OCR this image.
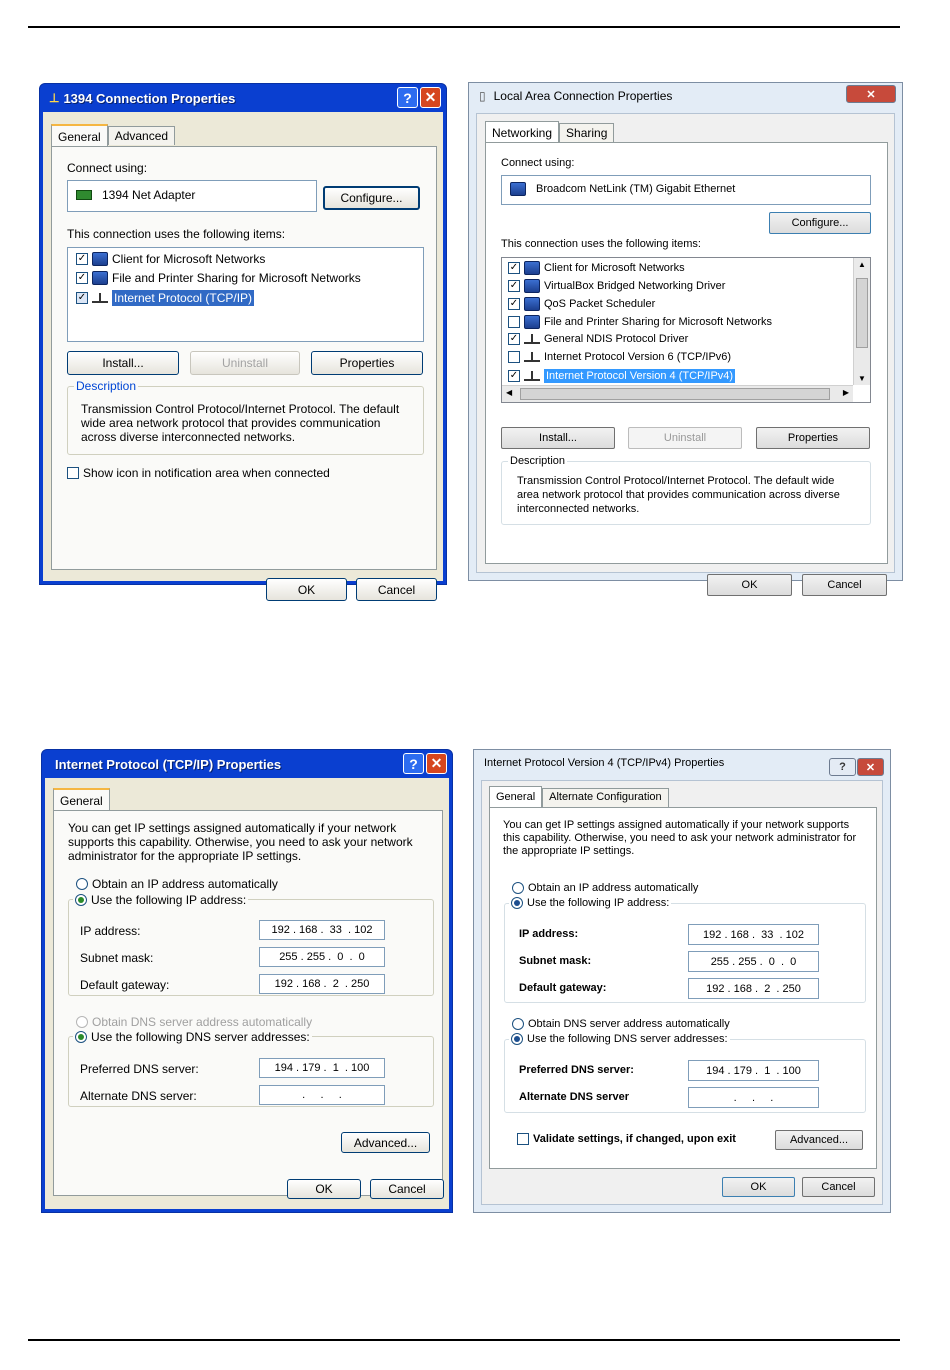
⊥ 1394 Connection Properties	? ✕
General	Advanced
Connect using:
1394 Net Adapter	Configure...
This connection uses the following items:
✓ Client for Microsoft Networks
✓ File and Printer Sharing for Microsoft Networks
✓ Internet Protocol (TCP/IP)
Install...	Uninstall	Properties
Description
Transmission Control Protocol/Internet Protocol. The default wide area network protocol that provides communication across diverse interconnected networks.
Show icon in notification area when connected
OK	Cancel
▯ Local Area Connection Properties	✕
Networking	Sharing
Connect using:
Broadcom NetLink (TM) Gigabit Ethernet
Configure...
This connection uses the following items:
✓ Client for Microsoft Networks
✓ VirtualBox Bridged Networking Driver
✓ QoS Packet Scheduler
File and Printer Sharing for Microsoft Networks
✓ General NDIS Protocol Driver
Internet Protocol Version 6 (TCP/IPv6)
✓	Internet Protocol Version 4 (TCP/IPv4)
▲
▼
◀	▶
Install...	Uninstall	Properties
Description
Transmission Control Protocol/Internet Protocol. The default wide area network protocol that provides communication across diverse interconnected networks.
OK	Cancel
Internet Protocol (TCP/IP) Properties	? ✕
General
You can get IP settings assigned automatically if your network supports this capability. Otherwise, you need to ask your network administrator for the appropriate IP settings.
Obtain an IP address automatically
Use the following IP address:
IP address:	192 . 168 .  33  . 102
Subnet mask:	255 . 255 .  0  .  0
Default gateway:	192 . 168 .  2  . 250
Obtain DNS server address automatically
Use the following DNS server addresses:
Preferred DNS server:	194 . 179 .  1  . 100
Alternate DNS server:	.     .     .
Advanced...
OK	Cancel
Internet Protocol Version 4 (TCP/IPv4) Properties	?	✕
General	Alternate Configuration
You can get IP settings assigned automatically if your network supports this capability. Otherwise, you need to ask your network administrator for the appropriate IP settings.
Obtain an IP address automatically
Use the following IP address:
IP address:	192 . 168 .  33  . 102
Subnet mask:	255 . 255 .  0  .  0
Default gateway:	192 . 168 .  2  . 250
Obtain DNS server address automatically
Use the following DNS server addresses:
Preferred DNS server:	194 . 179 .  1  . 100
Alternate DNS server	.     .     .
Validate settings, if changed, upon exit	Advanced...
OK	Cancel
